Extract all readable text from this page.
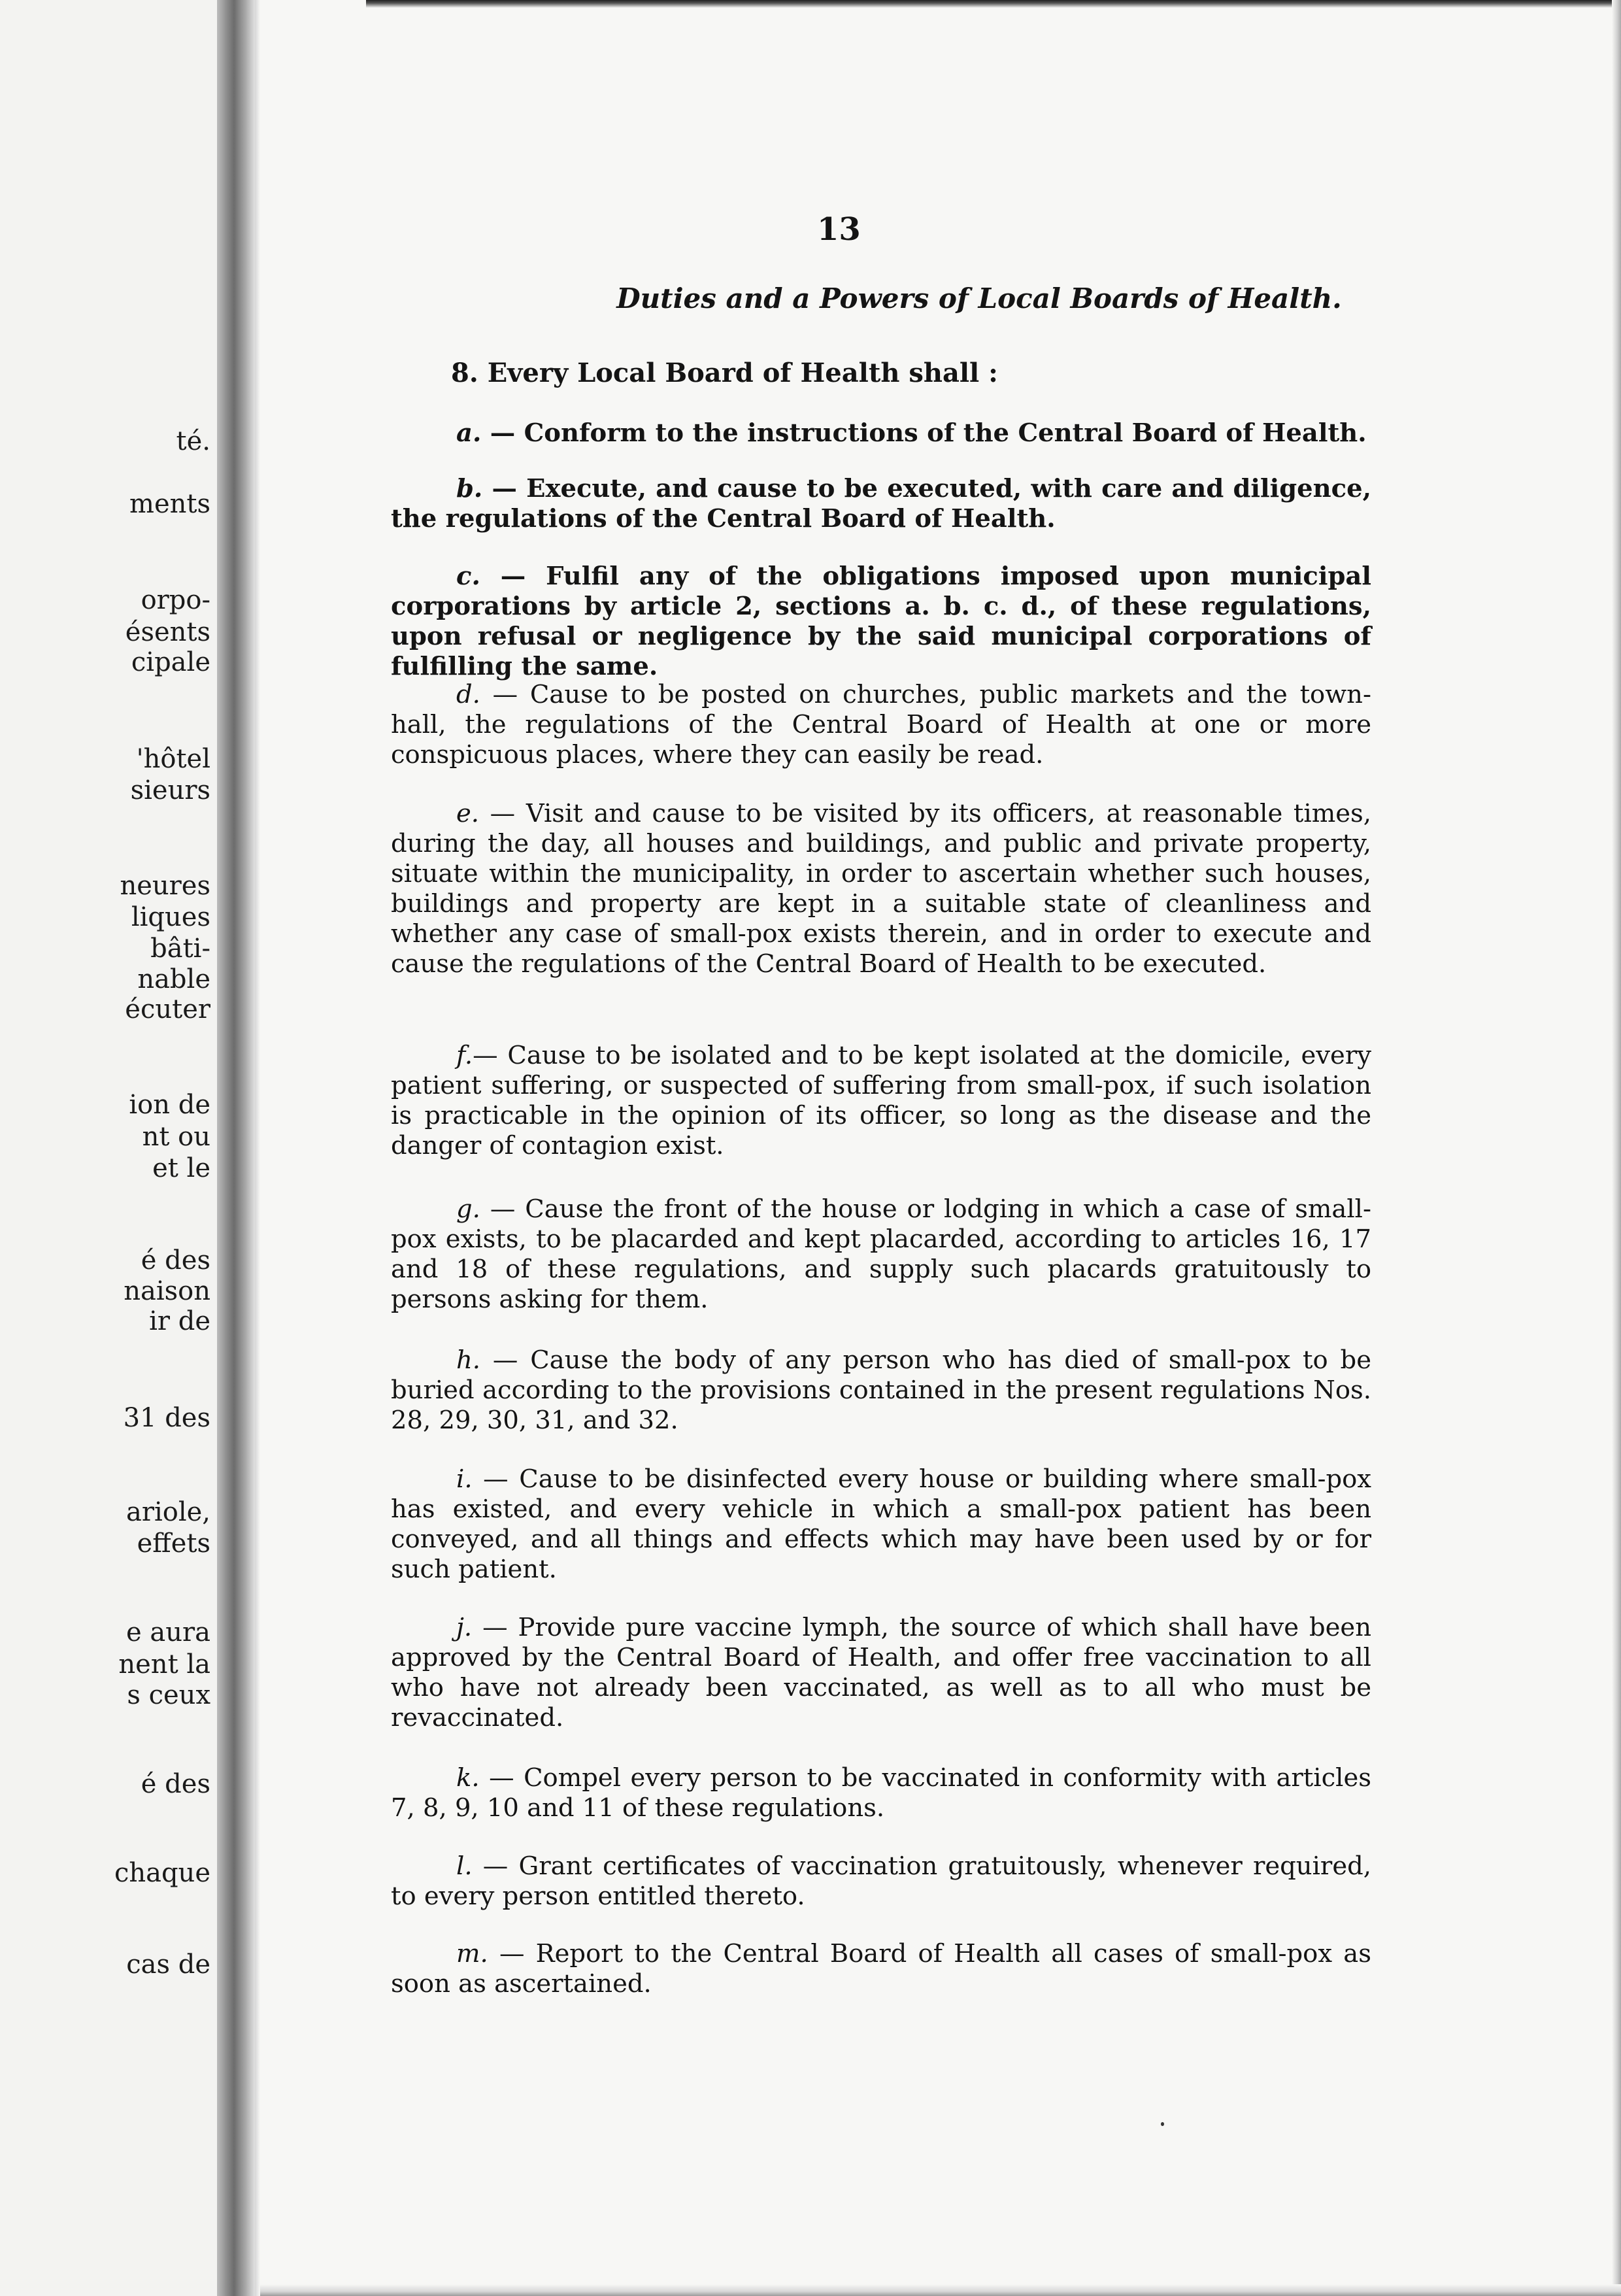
té.
ments
orpo-
ésents
cipale
'hôtel
sieurs
neures
liques
bâti-
nable
écuter
ion de
nt ou
et le
é des
naison
ir de
31 des
ariole,
effets
e aura
nent la
s ceux
é des
chaque
cas de

13

Duties and a Powers of Local Boards of Health.

8. Every Local Board of Health shall :

a. — Conform to the instructions of the Central Board of Health.

b. — Execute, and cause to be executed, with care and diligence, the regulations of the Central Board of Health.

c. — Fulfil any of the obligations imposed upon municipal corporations by article 2, sections a. b. c. d., of these regulations, upon refusal or negligence by the said municipal corporations of fulfilling the same.

d. — Cause to be posted on churches, public markets and the town-hall, the regulations of the Central Board of Health at one or more conspicuous places, where they can easily be read.

e. — Visit and cause to be visited by its officers, at reasonable times, during the day, all houses and buildings, and public and private property, situate within the municipality, in order to ascertain whether such houses, buildings and property are kept in a suitable state of cleanliness and whether any case of small-pox exists therein, and in order to execute and cause the regulations of the Central Board of Health to be executed.

f.— Cause to be isolated and to be kept isolated at the domicile, every patient suffering, or suspected of suffering from small-pox, if such isolation is practicable in the opinion of its officer, so long as the disease and the danger of contagion exist.

g. — Cause the front of the house or lodging in which a case of small-pox exists, to be placarded and kept placarded, according to articles 16, 17 and 18 of these regulations, and supply such placards gratuitously to persons asking for them.

h. — Cause the body of any person who has died of small-pox to be buried according to the provisions contained in the present regulations Nos. 28, 29, 30, 31, and 32.

i. — Cause to be disinfected every house or building where small-pox has existed, and every vehicle in which a small-pox patient has been conveyed, and all things and effects which may have been used by or for such patient.

j. — Provide pure vaccine lymph, the source of which shall have been approved by the Central Board of Health, and offer free vaccination to all who have not already been vaccinated, as well as to all who must be revaccinated.

k. — Compel every person to be vaccinated in conformity with articles 7, 8, 9, 10 and 11 of these regulations.

l. — Grant certificates of vaccination gratuitously, whenever required, to every person entitled thereto.

m. — Report to the Central Board of Health all cases of small-pox as soon as ascertained.
